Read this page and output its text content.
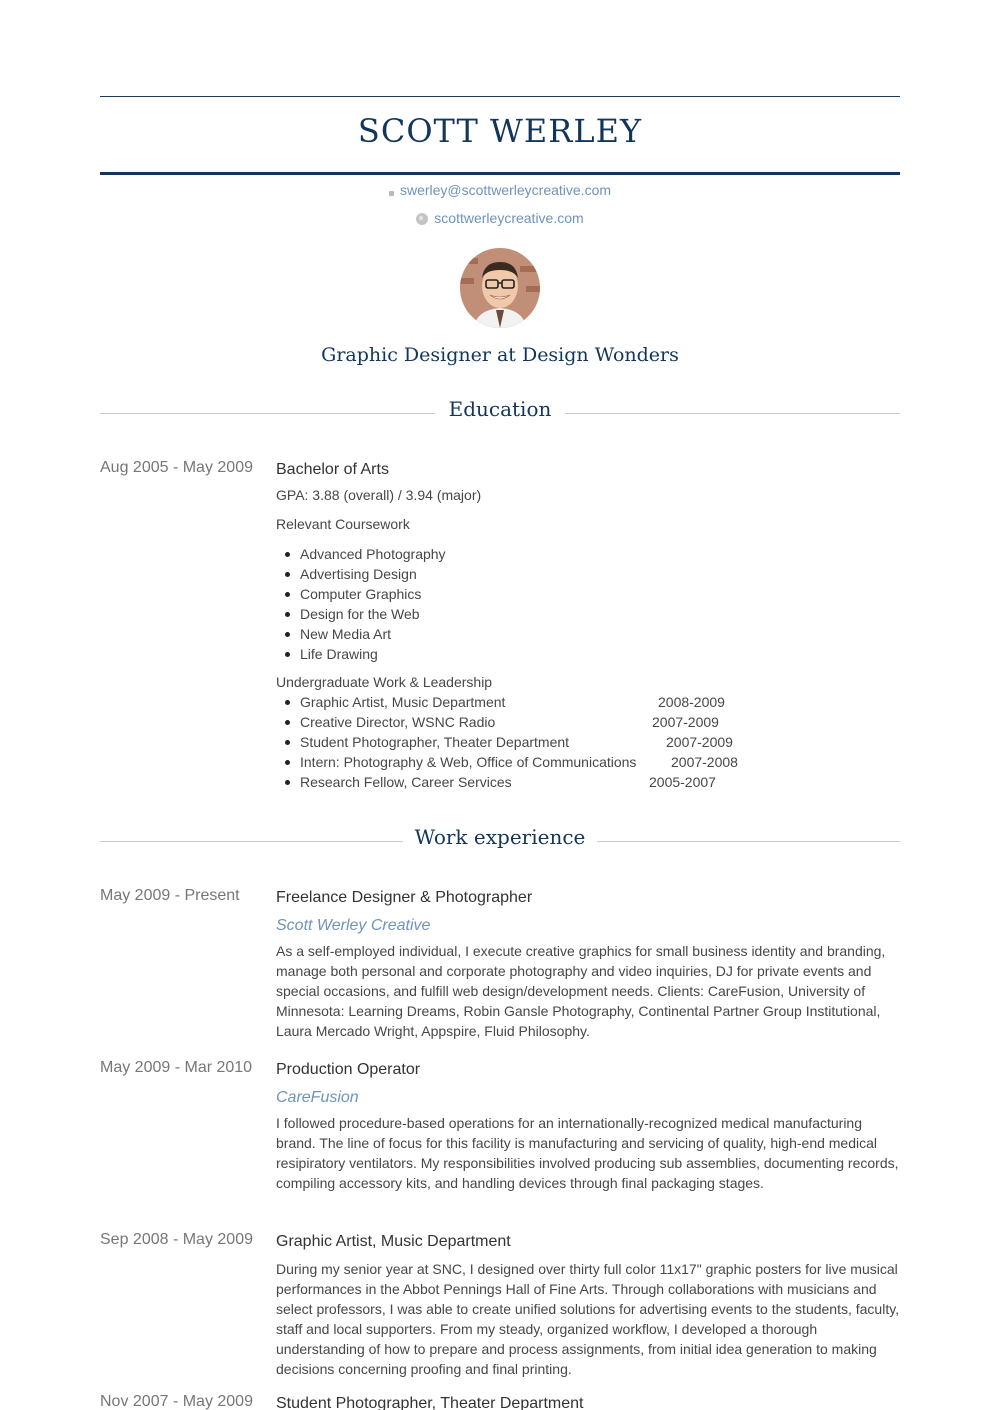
SCOTT WERLEY
swerley@scottwerleycreative.com
scottwerleycreative.com
Graphic Designer at Design Wonders
Education
Aug 2005 - May 2009	Bachelor of Arts
GPA: 3.88 (overall) / 3.94 (major)
Relevant Coursework
Advanced Photography
Advertising Design
Computer Graphics
Design for the Web
New Media Art
Life Drawing
Undergraduate Work & Leadership
Graphic Artist, Music Department	2008-2009
Creative Director, WSNC Radio	2007-2009
Student Photographer, Theater Department	2007-2009
Intern: Photography & Web, Office of Communications 2007-2008
Research Fellow, Career Services	2005-2007
Work experience
May 2009 - Present	Freelance Designer & Photographer
Scott Werley Creative
As a self-employed individual, I execute creative graphics for small business identity and branding, manage both personal and corporate photography and video inquiries, DJ for private events and special occasions, and fulfill web design/development needs. Clients: CareFusion, University of Minnesota: Learning Dreams, Robin Gansle Photography, Continental Partner Group Institutional, Laura Mercado Wright, Appspire, Fluid Philosophy.
May 2009 - Mar 2010	Production Operator
CareFusion
I followed procedure-based operations for an internationally-recognized medical manufacturing brand. The line of focus for this facility is manufacturing and servicing of quality, high-end medical resipiratory ventilators. My responsibilities involved producing sub assemblies, documenting records, compiling accessory kits, and handling devices through final packaging stages.
Sep 2008 - May 2009	Graphic Artist, Music Department
During my senior year at SNC, I designed over thirty full color 11x17" graphic posters for live musical performances in the Abbot Pennings Hall of Fine Arts. Through collaborations with musicians and select professors, I was able to create unified solutions for advertising events to the students, faculty, staff and local supporters. From my steady, organized workflow, I developed a thorough understanding of how to prepare and process assignments, from initial idea generation to making decisions concerning proofing and final printing.
Nov 2007 - May 2009	Student Photographer, Theater Department
